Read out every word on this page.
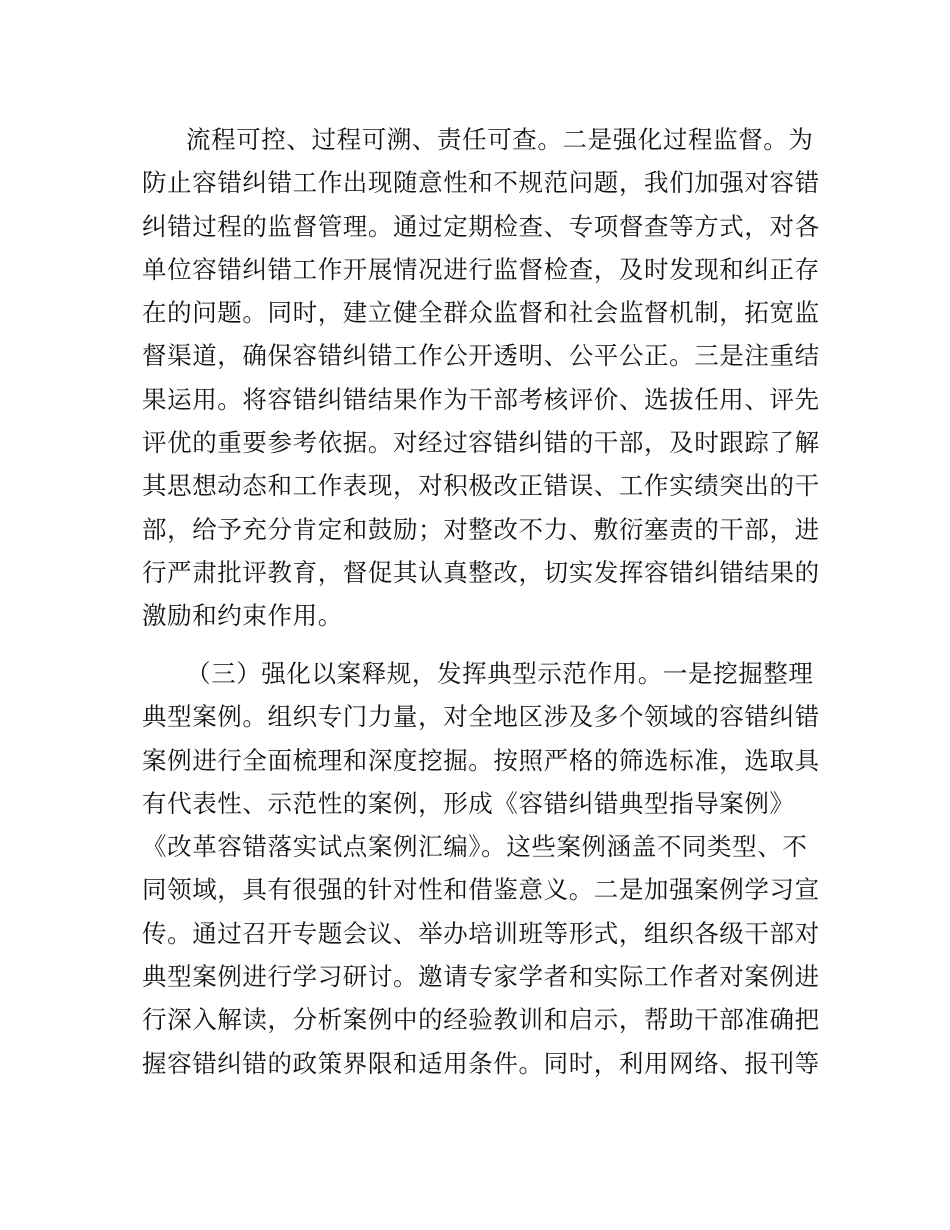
流程可控、过程可溯、责任可查。二是强化过程监督。为
防止容错纠错工作出现随意性和不规范问题，我们加强对容错
纠错过程的监督管理。通过定期检查、专项督查等方式，对各
单位容错纠错工作开展情况进行监督检查，及时发现和纠正存
在的问题。同时，建立健全群众监督和社会监督机制，拓宽监
督渠道，确保容错纠错工作公开透明、公平公正。三是注重结
果运用。将容错纠错结果作为干部考核评价、选拔任用、评先
评优的重要参考依据。对经过容错纠错的干部，及时跟踪了解
其思想动态和工作表现，对积极改正错误、工作实绩突出的干
部，给予充分肯定和鼓励；对整改不力、敷衍塞责的干部，进
行严肃批评教育，督促其认真整改，切实发挥容错纠错结果的
激励和约束作用。
（三）强化以案释规，发挥典型示范作用。一是挖掘整理
典型案例。组织专门力量，对全地区涉及多个领域的容错纠错
案例进行全面梳理和深度挖掘。按照严格的筛选标准，选取具
有代表性、示范性的案例，形成《容错纠错典型指导案例》
《改革容错落实试点案例汇编》。这些案例涵盖不同类型、不
同领域，具有很强的针对性和借鉴意义。二是加强案例学习宣
传。通过召开专题会议、举办培训班等形式，组织各级干部对
典型案例进行学习研讨。邀请专家学者和实际工作者对案例进
行深入解读，分析案例中的经验教训和启示，帮助干部准确把
握容错纠错的政策界限和适用条件。同时，利用网络、报刊等
